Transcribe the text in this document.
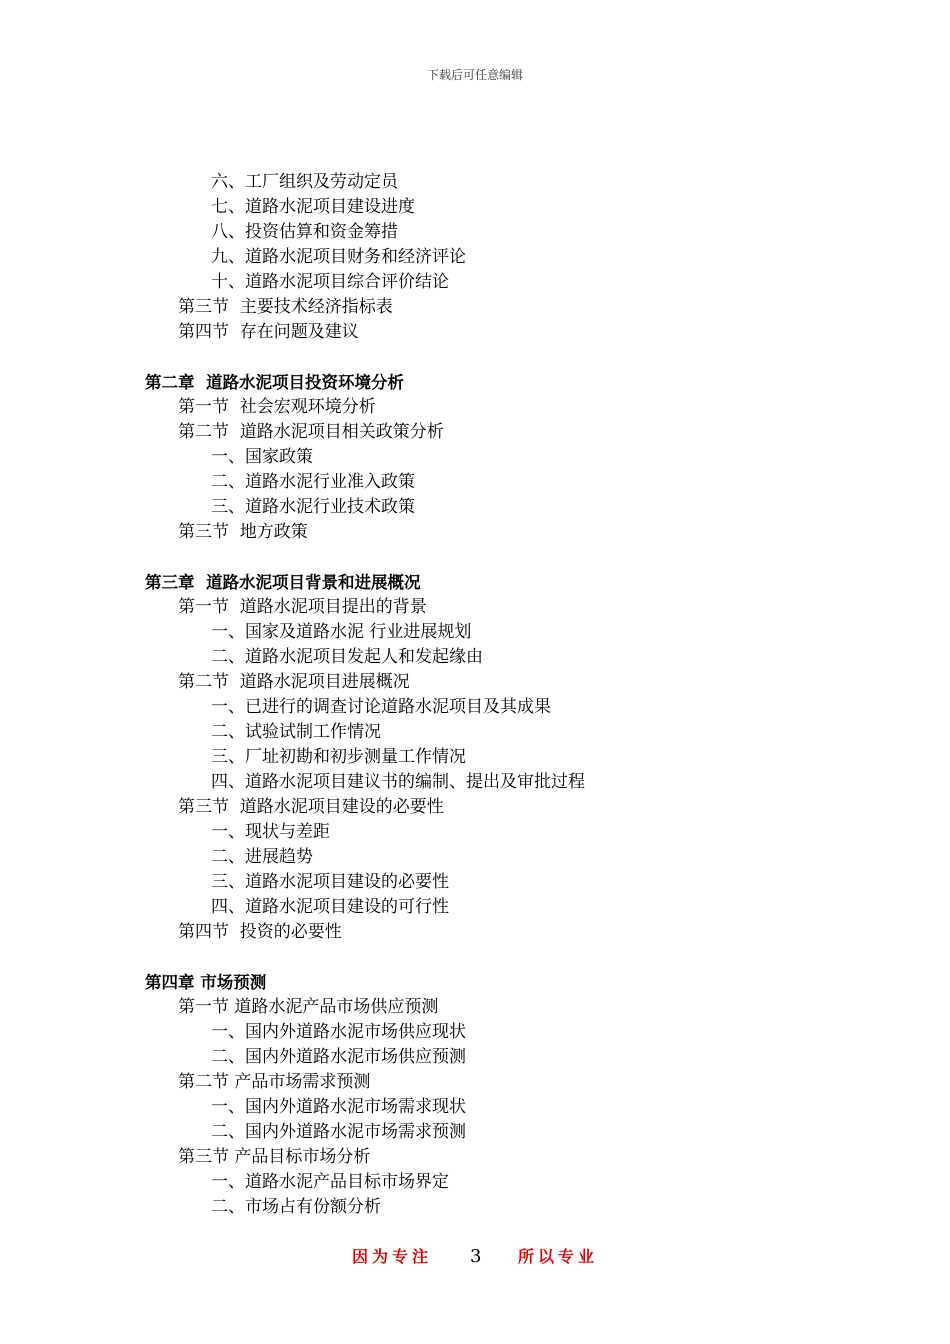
下载后可任意编辑
六、工厂组织及劳动定员
七、道路水泥项目建设进度
八、投资估算和资金筹措
九、道路水泥项目财务和经济评论
十、道路水泥项目综合评价结论
第三节  主要技术经济指标表
第四节  存在问题及建议
第二章  道路水泥项目投资环境分析
第一节  社会宏观环境分析
第二节  道路水泥项目相关政策分析
一、国家政策
二、道路水泥行业准入政策
三、道路水泥行业技术政策
第三节  地方政策
第三章  道路水泥项目背景和进展概况
第一节  道路水泥项目提出的背景
一、国家及道路水泥 行业进展规划
二、道路水泥项目发起人和发起缘由
第二节  道路水泥项目进展概况
一、已进行的调查讨论道路水泥项目及其成果
二、试验试制工作情况
三、厂址初勘和初步测量工作情况
四、道路水泥项目建议书的编制、提出及审批过程
第三节  道路水泥项目建设的必要性
一、现状与差距
二、进展趋势
三、道路水泥项目建设的必要性
四、道路水泥项目建设的可行性
第四节  投资的必要性
第四章 市场预测
第一节 道路水泥产品市场供应预测
一、国内外道路水泥市场供应现状
二、国内外道路水泥市场供应预测
第二节 产品市场需求预测
一、国内外道路水泥市场需求现状
二、国内外道路水泥市场需求预测
第三节 产品目标市场分析
一、道路水泥产品目标市场界定
二、市场占有份额分析
因为专注 3 所以专业
